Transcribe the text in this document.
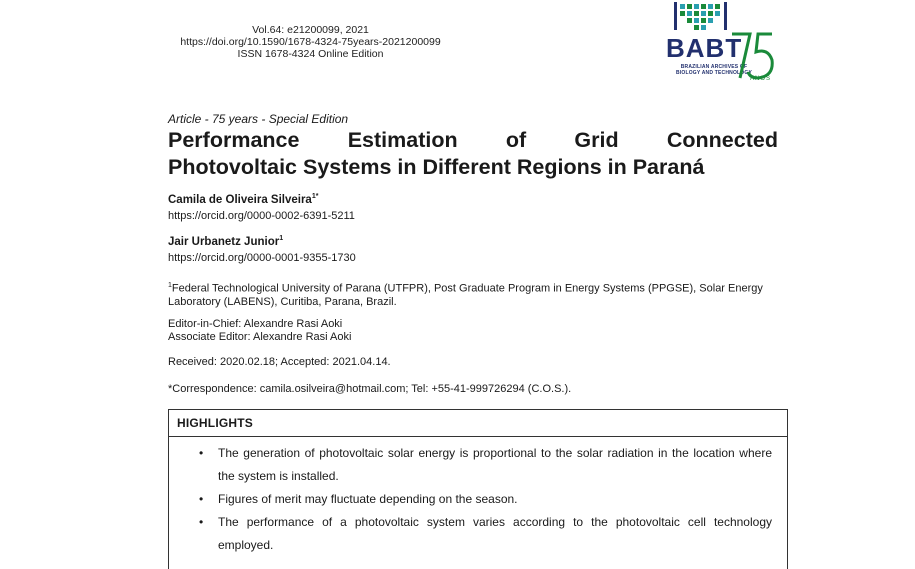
Vol.64: e21200099, 2021
https://doi.org/10.1590/1678-4324-75years-2021200099
ISSN 1678-4324 Online Edition	BABT
BRAZILIAN ARCHIVES OF BIOLOGY AND TECHNOLOGY
ANOS
Article - 75 years - Special Edition
Performance Estimation of Grid Connected
Photovoltaic Systems in Different Regions in Paraná
Camila de Oliveira Silveira$^{1*}$
https://orcid.org/0000-0002-6391-5211
Jair Urbanetz Junior$^1$
https://orcid.org/0000-0001-9355-1730
$^1$Federal Technological University of Parana (UTFPR), Post Graduate Program in Energy Systems (PPGSE), Solar Energy Laboratory (LABENS), Curitiba, Parana, Brazil.
Editor-in-Chief: Alexandre Rasi Aoki
Associate Editor: Alexandre Rasi Aoki
Received: 2020.02.18; Accepted: 2021.04.14.
*Correspondence: camila.osilveira@hotmail.com; Tel: +55-41-999726294 (C.O.S.).
HIGHLIGHTS
• The generation of photovoltaic solar energy is proportional to the solar radiation in the location where the system is installed.
• Figures of merit may fluctuate depending on the season.
• The performance of a photovoltaic system varies according to the photovoltaic cell technology employed.
